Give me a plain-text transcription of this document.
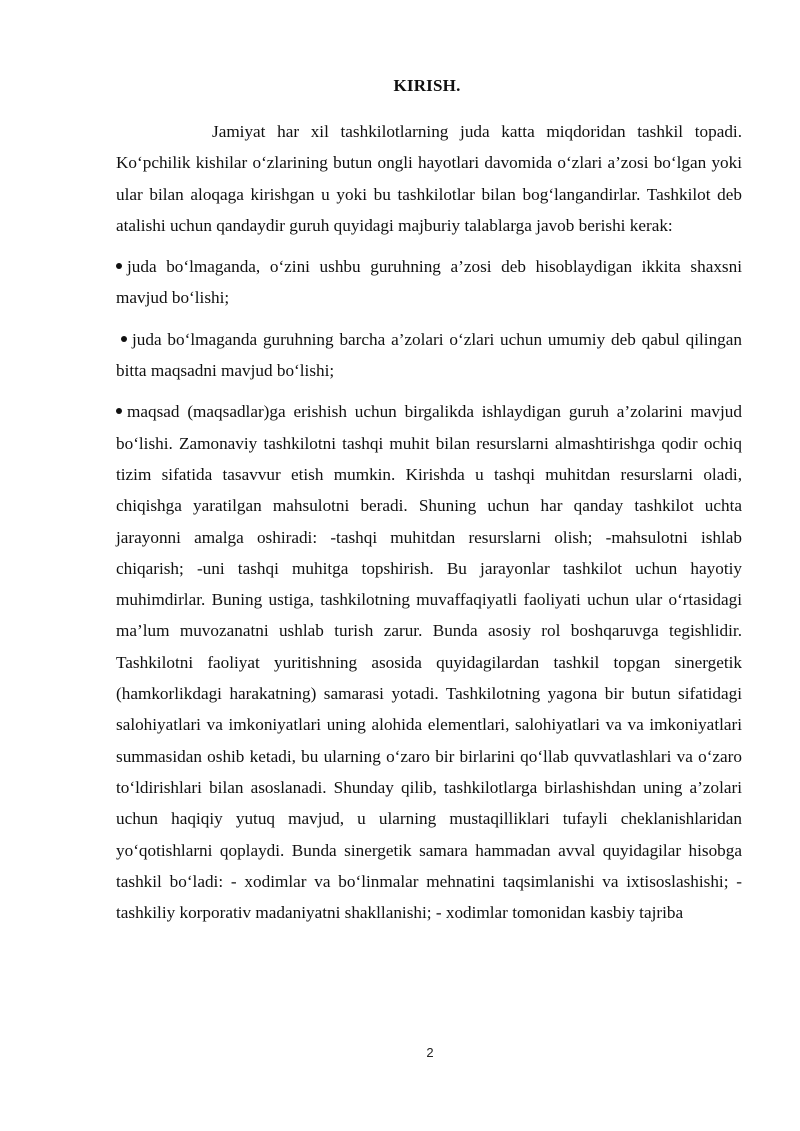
KIRISH.

Jamiyat har xil tashkilotlarning juda katta miqdoridan tashkil topadi. Ko‘pchilik kishilar o‘zlarining butun ongli hayotlari davomida o‘zlari a’zosi bo‘lgan yoki ular bilan aloqaga kirishgan u yoki bu tashkilotlar bilan bog‘langandirlar. Tashkilot deb atalishi uchun qandaydir guruh quyidagi majburiy talablarga javob berishi kerak:

juda bo‘lmaganda, o‘zini ushbu guruhning a’zosi deb hisoblaydigan ikkita shaxsni mavjud bo‘lishi;

juda bo‘lmaganda guruhning barcha a’zolari o‘zlari uchun umumiy deb qabul qilingan bitta maqsadni mavjud bo‘lishi;

maqsad (maqsadlar)ga erishish uchun birgalikda ishlaydigan guruh a’zolarini mavjud bo‘lishi. Zamonaviy tashkilotni tashqi muhit bilan resurslarni almashtirishga qodir ochiq tizim sifatida tasavvur etish mumkin. Kirishda u tashqi muhitdan resurslarni oladi, chiqishga yaratilgan mahsulotni beradi. Shuning uchun har qanday tashkilot uchta jarayonni amalga oshiradi: -tashqi muhitdan resurslarni olish; -mahsulotni ishlab chiqarish; -uni tashqi muhitga topshirish. Bu jarayonlar tashkilot uchun hayotiy muhimdirlar. Buning ustiga, tashkilotning muvaffaqiyatli faoliyati uchun ular o‘rtasidagi ma’lum muvozanatni ushlab turish zarur. Bunda asosiy rol boshqaruvga tegishlidir. Tashkilotni faoliyat yuritishning asosida quyidagilardan tashkil topgan sinergetik (hamkorlikdagi harakatning) samarasi yotadi. Tashkilotning yagona bir butun sifatidagi salohiyatlari va imkoniyatlari uning alohida elementlari, salohiyatlari va va imkoniyatlari summasidan oshib ketadi, bu ularning o‘zaro bir birlarini qo‘llab quvvatlashlari va o‘zaro to‘ldirishlari bilan asoslanadi. Shunday qilib, tashkilotlarga birlashishdan uning a’zolari uchun haqiqiy yutuq mavjud, u ularning mustaqilliklari tufayli cheklanishlaridan yo‘qotishlarni qoplaydi. Bunda sinergetik samara hammadan avval quyidagilar hisobga tashkil bo‘ladi: - xodimlar va bo‘linmalar mehnatini taqsimlanishi va ixtisoslashishi; -tashkiliy korporativ madaniyatni shakllanishi; - xodimlar tomonidan kasbiy tajriba

2
